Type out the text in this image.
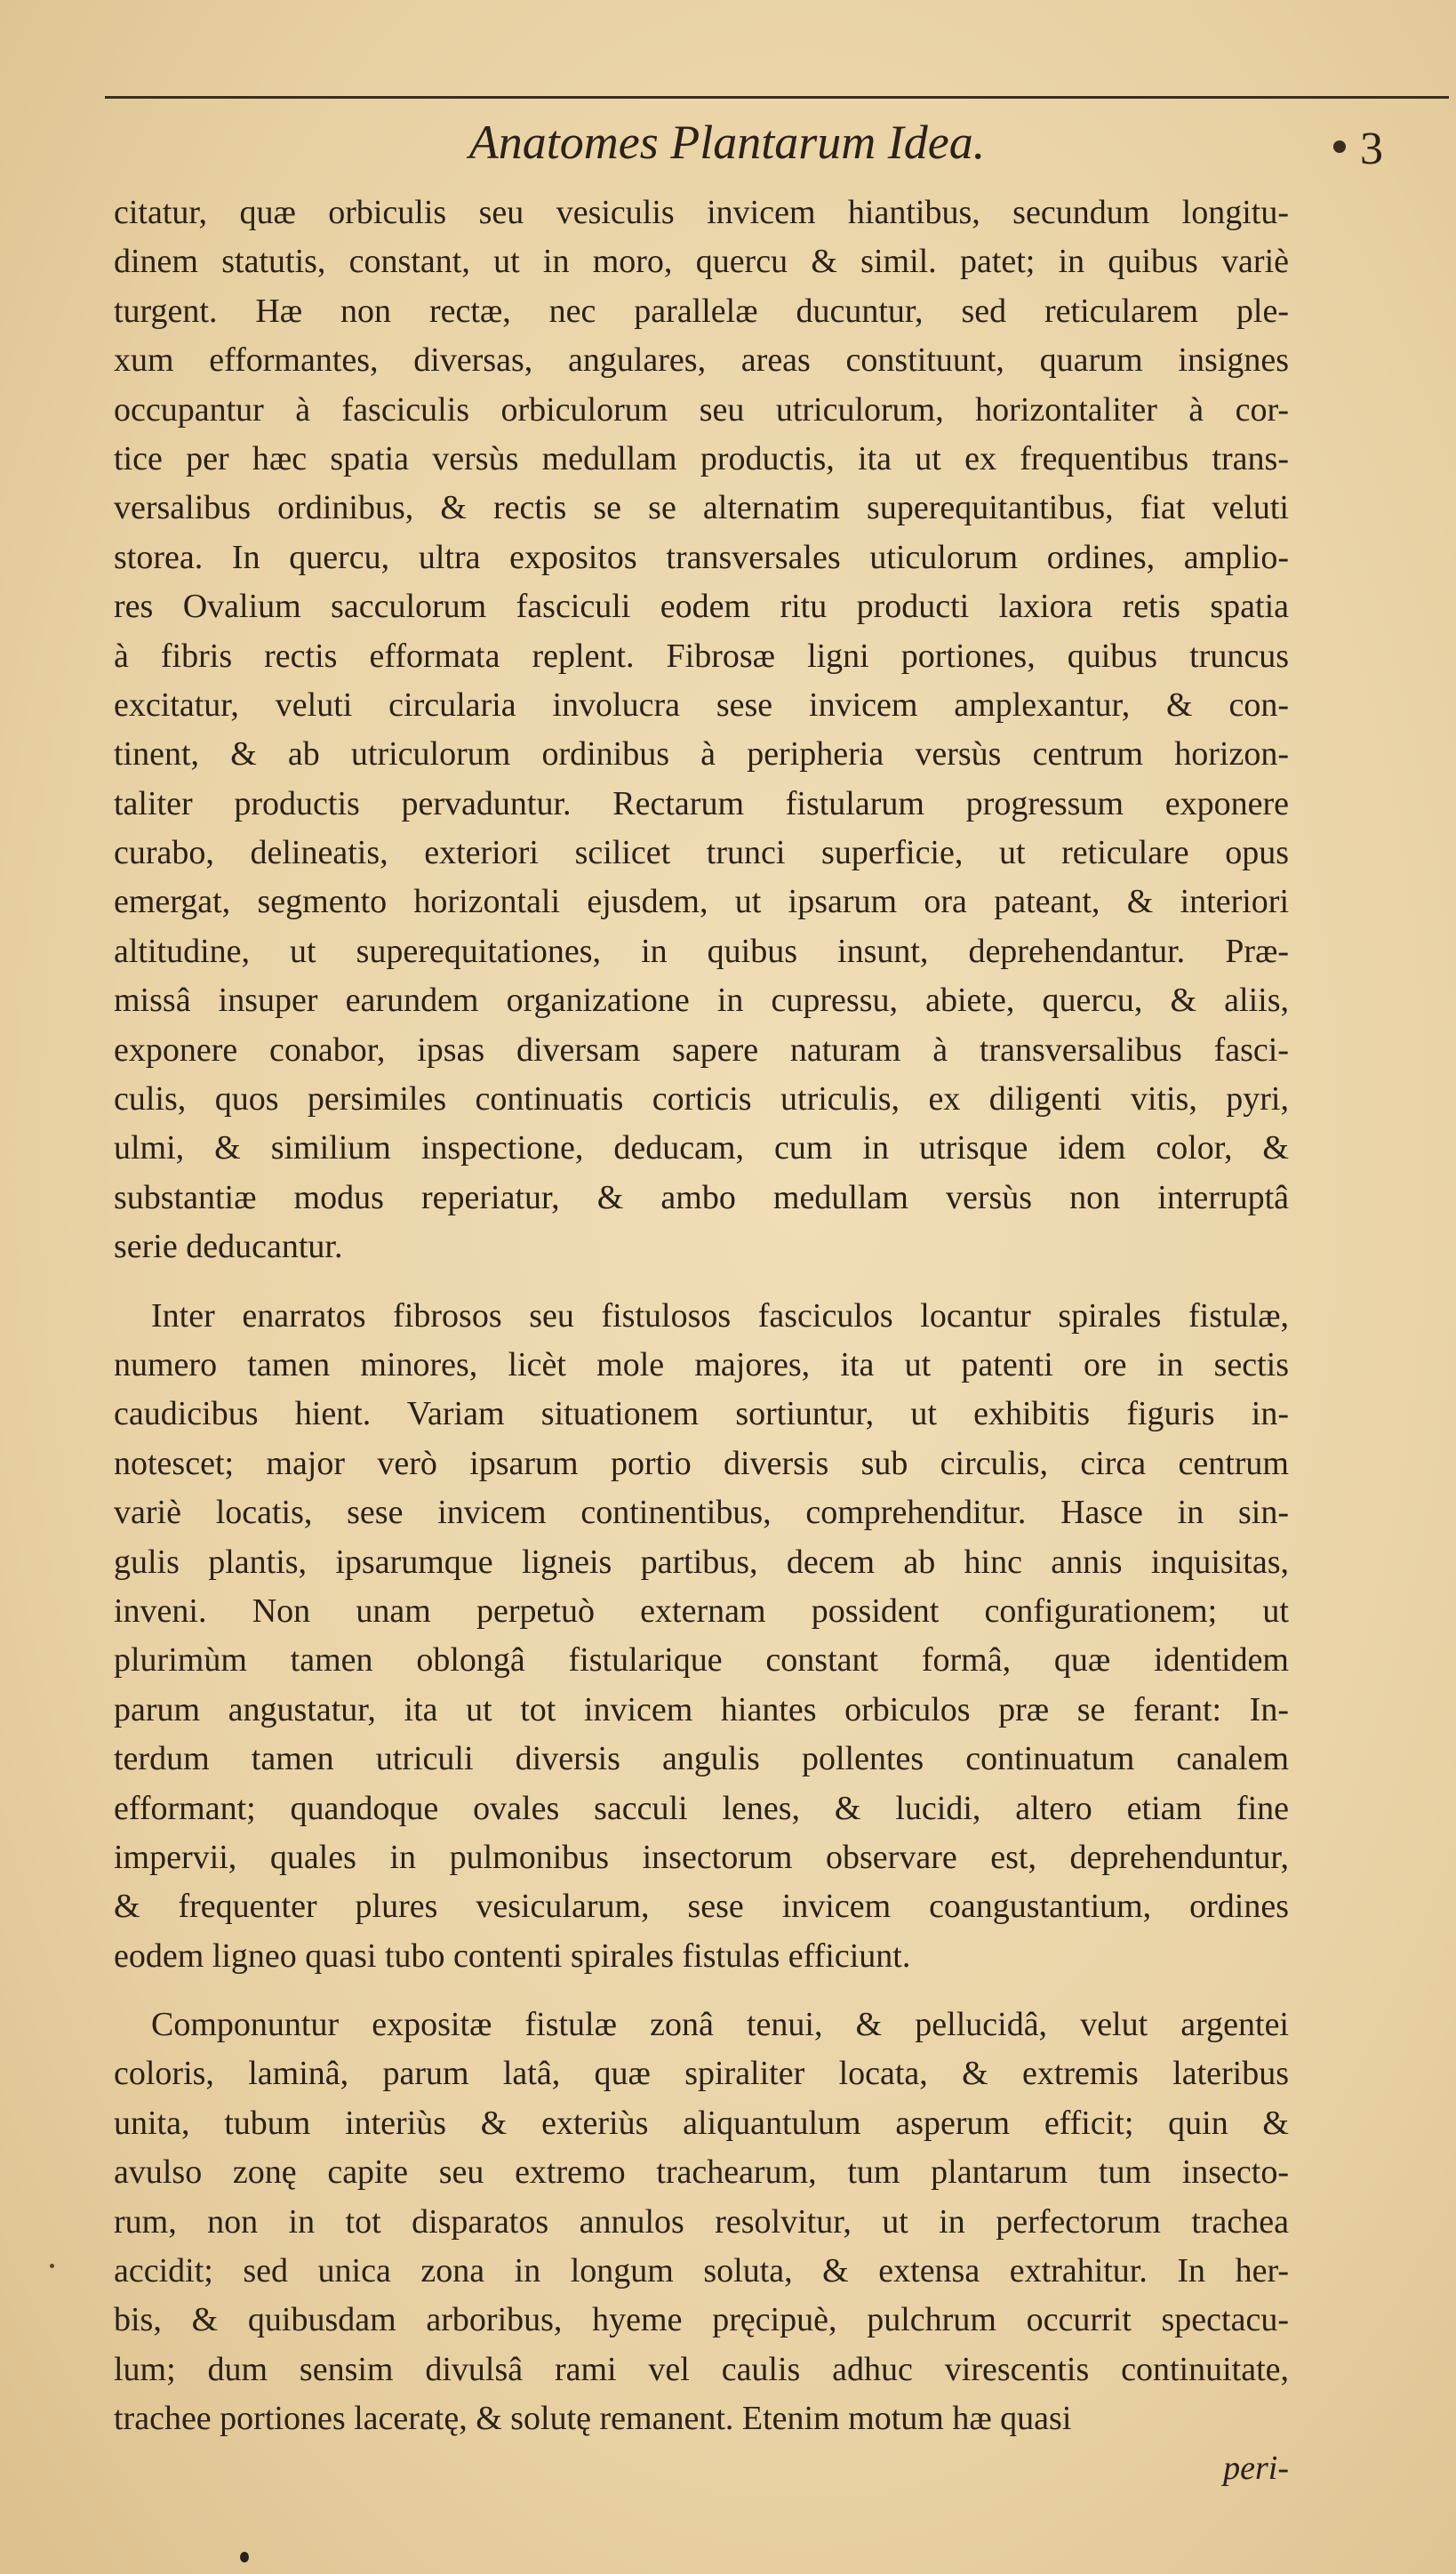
Anatomes Plantarum Idea.	3
citatur, quæ orbiculis seu vesiculis invicem hiantibus, secundum longitu-
dinem statutis, constant, ut in moro, quercu & simil. patet; in quibus variè
turgent. Hæ non rectæ, nec parallelæ ducuntur, sed reticularem ple-
xum efformantes, diversas, angulares, areas constituunt, quarum insignes
occupantur à fasciculis orbiculorum seu utriculorum, horizontaliter à cor-
tice per hæc spatia versùs medullam productis, ita ut ex frequentibus trans-
versalibus ordinibus, & rectis se se alternatim superequitantibus, fiat veluti
storea. In quercu, ultra expositos transversales uticulorum ordines, amplio-
res Ovalium sacculorum fasciculi eodem ritu producti laxiora retis spatia
à fibris rectis efformata replent. Fibrosæ ligni portiones, quibus truncus
excitatur, veluti circularia involucra sese invicem amplexantur, & con-
tinent, & ab utriculorum ordinibus à peripheria versùs centrum horizon-
taliter productis pervaduntur. Rectarum fistularum progressum exponere
curabo, delineatis, exteriori scilicet trunci superficie, ut reticulare opus
emergat, segmento horizontali ejusdem, ut ipsarum ora pateant, & interiori
altitudine, ut superequitationes, in quibus insunt, deprehendantur. Præ-
missâ insuper earundem organizatione in cupressu, abiete, quercu, & aliis,
exponere conabor, ipsas diversam sapere naturam à transversalibus fasci-
culis, quos persimiles continuatis corticis utriculis, ex diligenti vitis, pyri,
ulmi, & similium inspectione, deducam, cum in utrisque idem color, &
substantiæ modus reperiatur, & ambo medullam versùs non interruptâ
serie deducantur.
Inter enarratos fibrosos seu fistulosos fasciculos locantur spirales fistulæ,
numero tamen minores, licèt mole majores, ita ut patenti ore in sectis
caudicibus hient. Variam situationem sortiuntur, ut exhibitis figuris in-
notescet; major verò ipsarum portio diversis sub circulis, circa centrum
variè locatis, sese invicem continentibus, comprehenditur. Hasce in sin-
gulis plantis, ipsarumque ligneis partibus, decem ab hinc annis inquisitas,
inveni. Non unam perpetuò externam possident configurationem; ut
plurimùm tamen oblongâ fistularique constant formâ, quæ identidem
parum angustatur, ita ut tot invicem hiantes orbiculos præ se ferant: In-
terdum tamen utriculi diversis angulis pollentes continuatum canalem
efformant; quandoque ovales sacculi lenes, & lucidi, altero etiam fine
impervii, quales in pulmonibus insectorum observare est, deprehenduntur,
& frequenter plures vesicularum, sese invicem coangustantium, ordines
eodem ligneo quasi tubo contenti spirales fistulas efficiunt.
Componuntur expositæ fistulæ zonâ tenui, & pellucidâ, velut argentei
coloris, laminâ, parum latâ, quæ spiraliter locata, & extremis lateribus
unita, tubum interiùs & exteriùs aliquantulum asperum efficit; quin &
avulso zonę capite seu extremo trachearum, tum plantarum tum insecto-
rum, non in tot disparatos annulos resolvitur, ut in perfectorum trachea
accidit; sed unica zona in longum soluta, & extensa extrahitur. In her-
bis, & quibusdam arboribus, hyeme pręcipuè, pulchrum occurrit spectacu-
lum; dum sensim divulsâ rami vel caulis adhuc virescentis continuitate,
trachee portiones laceratę, & solutę remanent. Etenim motum hæ quasi
peri-
